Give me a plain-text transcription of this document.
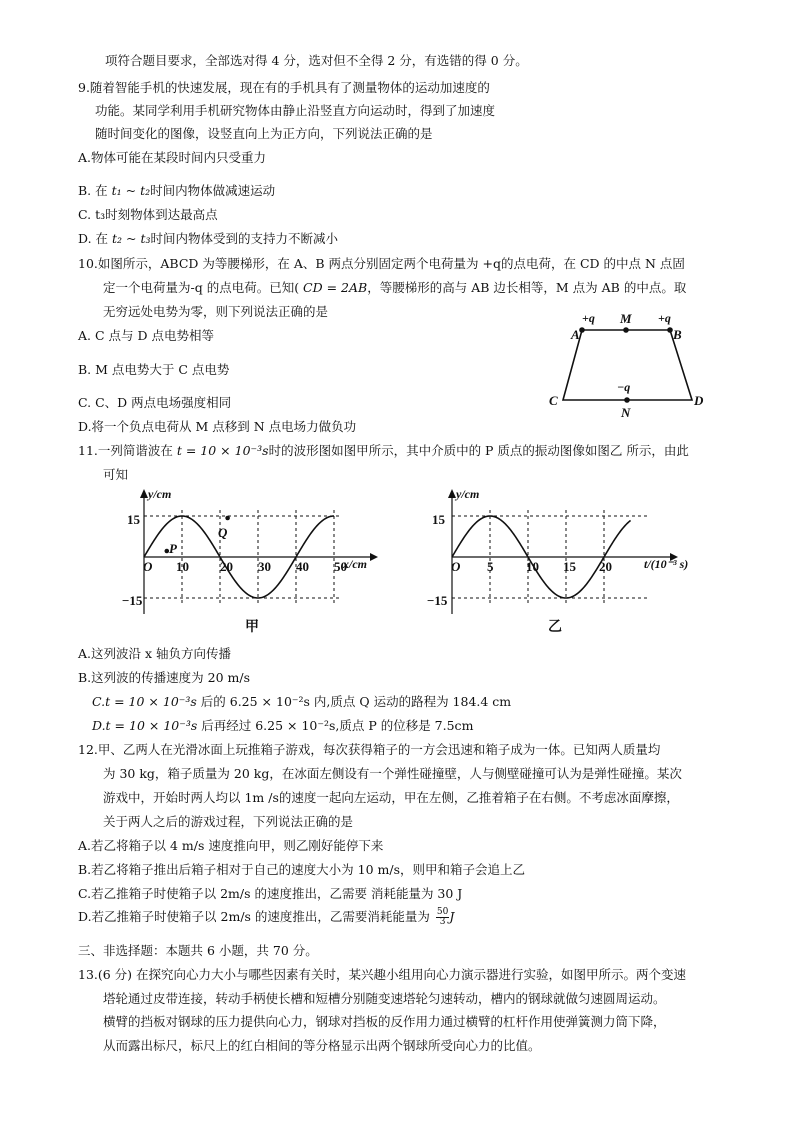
项符合题目要求，全部选对得 4 分，选对但不全得 2 分，有选错的得 0 分。
9.随着智能手机的快速发展，现在有的手机具有了测量物体的运动加速度的
功能。某同学利用手机研究物体由静止沿竖直方向运动时，得到了加速度
随时间变化的图像，设竖直向上为正方向，下列说法正确的是
A.物体可能在某段时间内只受重力
B. 在 t₁ ~ t₂时间内物体做减速运动
C. t₃时刻物体到达最高点
D. 在 t₂ ~ t₃时间内物体受到的支持力不断减小
10.如图所示，ABCD 为等腰梯形，在 A、B 两点分别固定两个电荷量为 +q的点电荷，在 CD 的中点 N 点固
定一个电荷量为-q 的点电荷。已知( CD = 2AB，等腰梯形的高与 AB 边长相等，M 点为 AB 的中点。取
无穷远处电势为零，则下列说法正确的是
A. C 点与 D 点电势相等
B. M 点电势大于 C 点电势
C. C、D 两点电场强度相同
D.将一个负点电荷从 M 点移到 N 点电场力做负功
+q
A
M +q
B
−q
C	D
N
11.一列简谐波在 t = 10 × 10⁻³s时的波形图如图甲所示，其中介质中的 P 质点的振动图像如图乙 所示，由此
可知
y/cm
x/cm
O
15
−15
10 20 30 40 50
P
Q
甲
y/cm
t/(10⁻³ s)
O
15
−15
5	10 15 20
乙
A.这列波沿 x 轴负方向传播
B.这列波的传播速度为 20 m/s
C.t = 10 × 10⁻³s 后的 6.25 × 10⁻²s 内,质点 Q 运动的路程为 184.4 cm
D.t = 10 × 10⁻³s 后再经过 6.25 × 10⁻²s,质点 P 的位移是 7.5cm
12.甲、乙两人在光滑冰面上玩推箱子游戏，每次获得箱子的一方会迅速和箱子成为一体。已知两人质量均
为 30 kg，箱子质量为 20 kg，在冰面左侧设有一个弹性碰撞壁，人与侧壁碰撞可认为是弹性碰撞。某次
游戏中，开始时两人均以 1m /s的速度一起向左运动，甲在左侧，乙推着箱子在右侧。不考虑冰面摩擦，
关于两人之后的游戏过程，下列说法正确的是
A.若乙将箱子以 4 m/s 速度推向甲，则乙刚好能停下来
B.若乙将箱子推出后箱子相对于自己的速度大小为 10 m/s，则甲和箱子会追上乙
C.若乙推箱子时使箱子以 2m/s 的速度推出，乙需要 消耗能量为 30 J
D.若乙推箱子时使箱子以 2m/s 的速度推出，乙需要消耗能量为 $\frac{50}{3}$ J
三、非选择题：本题共 6 小题，共 70 分。
13.(6 分) 在探究向心力大小与哪些因素有关时，某兴趣小组用向心力演示器进行实验，如图甲所示。两个变速
塔轮通过皮带连接，转动手柄使长槽和短槽分别随变速塔轮匀速转动，槽内的钢球就做匀速圆周运动。
横臂的挡板对钢球的压力提供向心力，钢球对挡板的反作用力通过横臂的杠杆作用使弹簧测力筒下降，
从而露出标尺，标尺上的红白相间的等分格显示出两个钢球所受向心力的比值。
